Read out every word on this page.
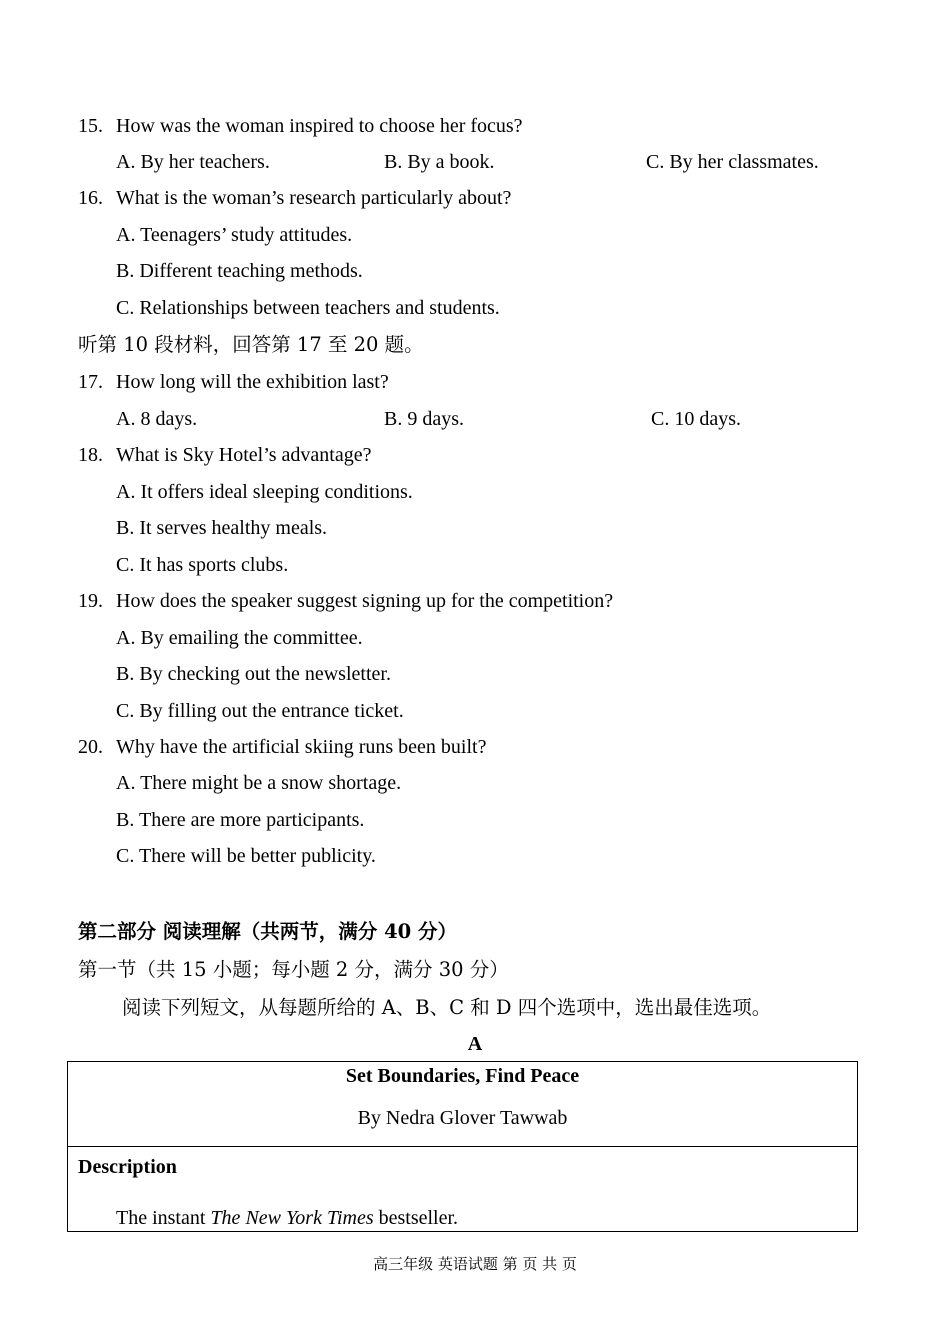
15. How was the woman inspired to choose her focus?
A. By her teachers.	B. By a book.	C. By her classmates.
16. What is the woman’s research particularly about?
A. Teenagers’ study attitudes.
B. Different teaching methods.
C. Relationships between teachers and students.
听第 10 段材料，回答第 17 至 20 题。
17. How long will the exhibition last?
A. 8 days.	B. 9 days.	C. 10 days.
18. What is Sky Hotel’s advantage?
A. It offers ideal sleeping conditions.
B. It serves healthy meals.
C. It has sports clubs.
19. How does the speaker suggest signing up for the competition?
A. By emailing the committee.
B. By checking out the newsletter.
C. By filling out the entrance ticket.
20. Why have the artificial skiing runs been built?
A. There might be a snow shortage.
B. There are more participants.
C. There will be better publicity.
第二部分 阅读理解（共两节，满分 40 分）
第一节（共 15 小题；每小题 2 分，满分 30 分）
阅读下列短文，从每题所给的 A、B、C 和 D 四个选项中，选出最佳选项。
A
Set Boundaries, Find Peace
By Nedra Glover Tawwab

Description
The instant The New York Times bestseller.
高三年级 英语试题 第 页 共 页
